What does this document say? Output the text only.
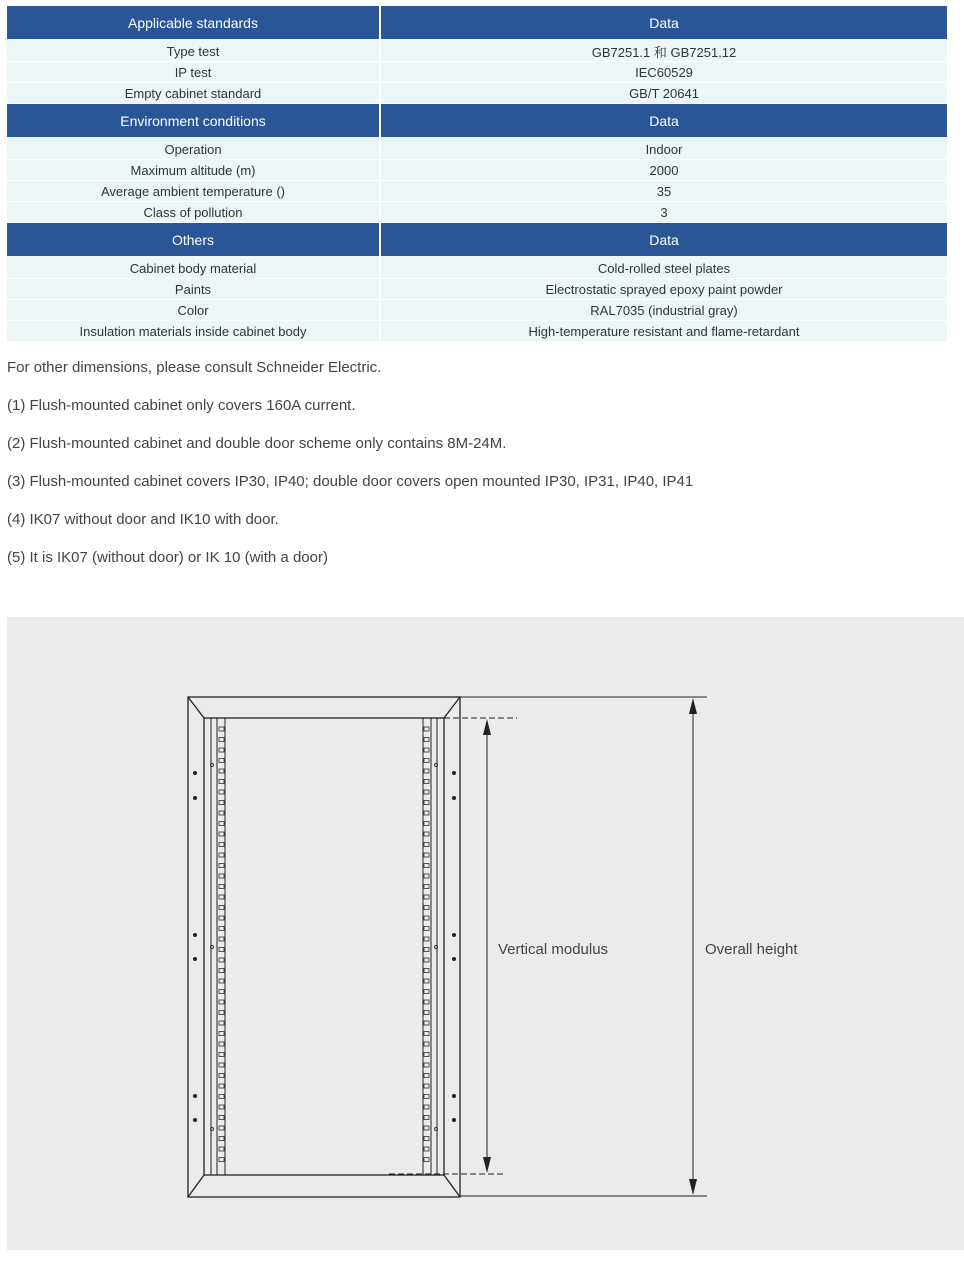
Applicable standards	Data
Type test	GB7251.1 和 GB7251.12
IP test	IEC60529
Empty cabinet standard	GB/T 20641
Environment conditions	Data
Operation	Indoor
Maximum altitude (m)	2000
Average ambient temperature ()	35
Class of pollution	3
Others	Data
Cabinet body material	Cold-rolled steel plates
Paints	Electrostatic sprayed epoxy paint powder
Color	RAL7035 (industrial gray)
Insulation materials inside cabinet body	High-temperature resistant and flame-retardant

For other dimensions, please consult Schneider Electric.

(1) Flush-mounted cabinet only covers 160A current.

(2) Flush-mounted cabinet and double door scheme only contains 8M-24M.

(3) Flush-mounted cabinet covers IP30, IP40; double door covers open mounted IP30, IP31, IP40, IP41

(4) IK07 without door and IK10 with door.

(5) It is IK07 (without door) or IK 10 (with a door)

Vertical modulus	Overall height
